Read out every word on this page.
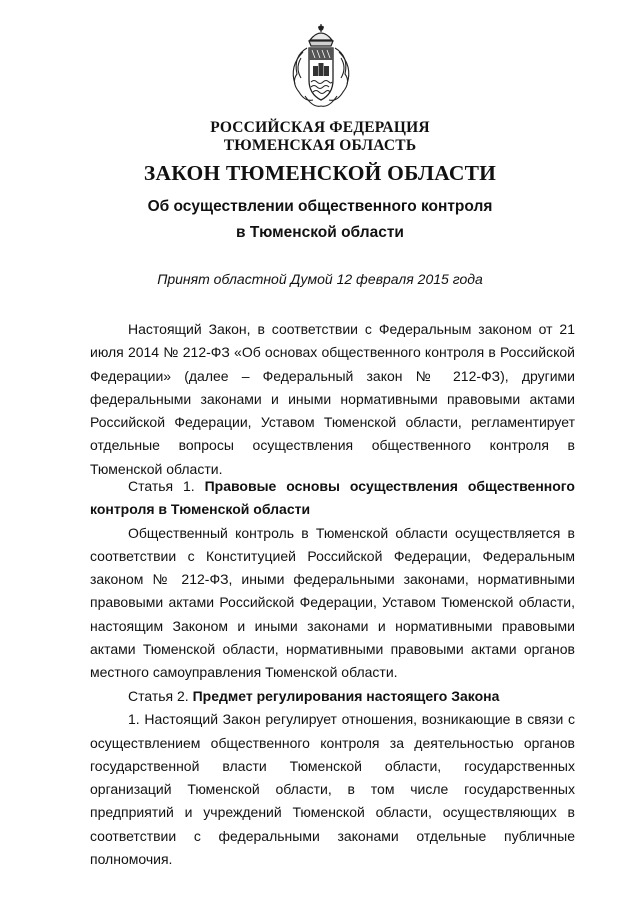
РОССИЙСКАЯ ФЕДЕРАЦИЯ
ТЮМЕНСКАЯ ОБЛАСТЬ
ЗАКОН ТЮМЕНСКОЙ ОБЛАСТИ
Об осуществлении общественного контроля
в Тюменской области
Принят областной Думой 12 февраля 2015 года

Настоящий Закон, в соответствии с Федеральным законом от 21 июля 2014 № 212-ФЗ «Об основах общественного контроля в Российской Федерации» (далее – Федеральный закон № 212-ФЗ), другими федеральными законами и иными нормативными правовыми актами Российской Федерации, Уставом Тюменской области, регламентирует отдельные вопросы осуществления общественного контроля в Тюменской области.

Статья 1. Правовые основы осуществления общественного контроля в Тюменской области

Общественный контроль в Тюменской области осуществляется в соответствии с Конституцией Российской Федерации, Федеральным законом № 212-ФЗ, иными федеральными законами, нормативными правовыми актами Российской Федерации, Уставом Тюменской области, настоящим Законом и иными законами и нормативными правовыми актами Тюменской области, нормативными правовыми актами органов местного самоуправления Тюменской области.

Статья 2. Предмет регулирования настоящего Закона

1. Настоящий Закон регулирует отношения, возникающие в связи с осуществлением общественного контроля за деятельностью органов государственной власти Тюменской области, государственных организаций Тюменской области, в том числе государственных предприятий и учреждений Тюменской области, осуществляющих в соответствии с федеральными законами отдельные публичные полномочия.
